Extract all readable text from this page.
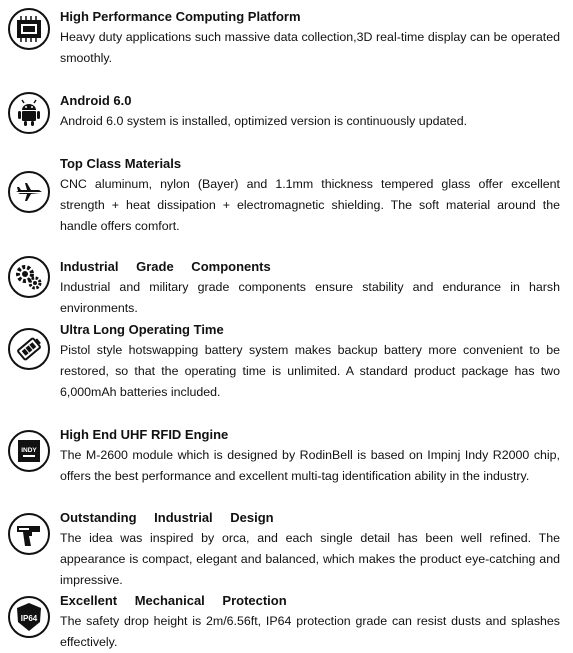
High Performance Computing Platform

Heavy duty applications such massive data collection,3D real-time display can be operated smoothly.

Android 6.0

Android 6.0 system is installed, optimized version is continuously updated.

Top Class Materials

CNC aluminum, nylon (Bayer) and 1.1mm thickness tempered glass offer excellent strength + heat dissipation + electromagnetic shielding. The soft material around the handle offers comfort.

Industrial Grade Components

Industrial and military grade components ensure stability and endurance in harsh environments.

Ultra Long Operating Time

Pistol style hotswapping battery system makes backup battery more convenient to be restored, so that the operating time is unlimited. A standard product package has two 6,000mAh batteries included.

INDY

High End UHF RFID Engine

The M-2600 module which is designed by RodinBell is based on Impinj Indy R2000 chip, offers the best performance and excellent multi-tag identification ability in the industry.

Outstanding Industrial Design

The idea was inspired by orca, and each single detail has been well refined. The appearance is compact, elegant and balanced, which makes the product eye-catching and impressive.

IP64

Excellent Mechanical Protection

The safety drop height is 2m/6.56ft, IP64 protection grade can resist dusts and splashes effectively.
